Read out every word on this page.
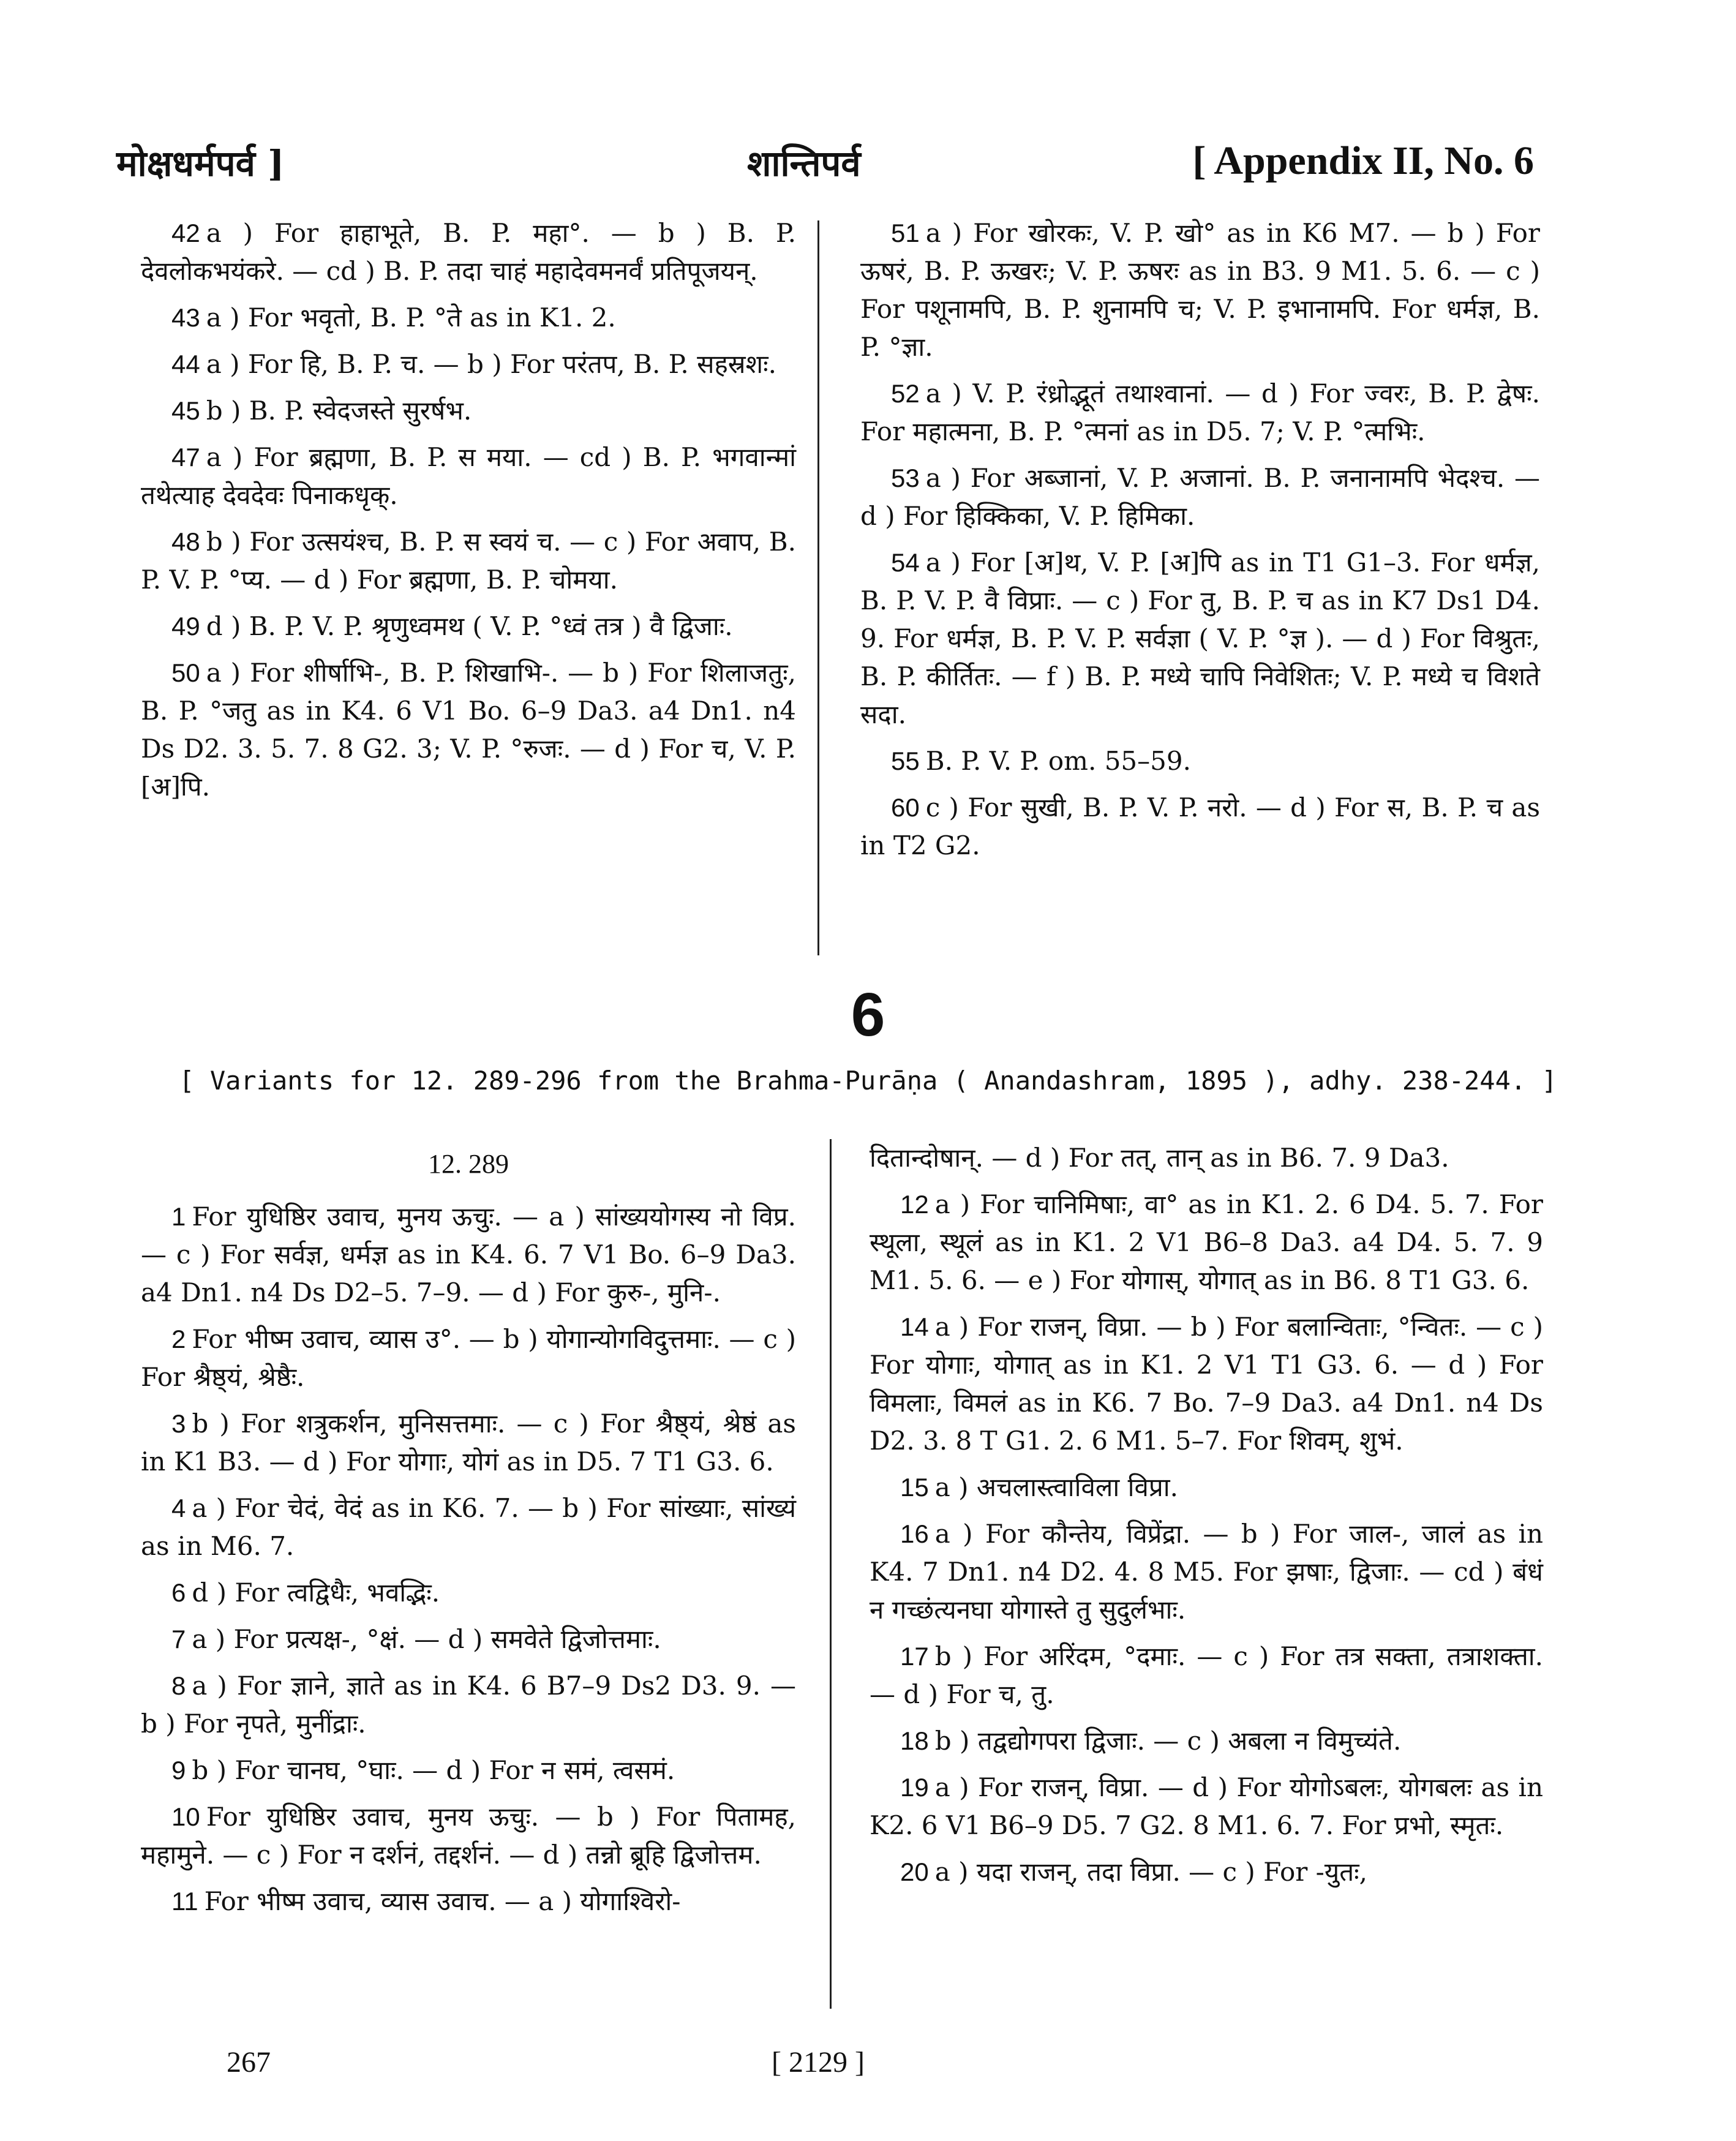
मोक्षधर्मपर्व ]	शान्तिपर्व	[ Appendix II, No. 6

42 a ) For हाहाभूते, B. P. महा°. — b ) B. P. देवलोकभयंकरे. — cd ) B. P. तदा चाहं महादेवमनर्वं प्रतिपूजयन्.

43 a ) For भवृतो, B. P. °ते as in K1. 2.

44 a ) For हि, B. P. च. — b ) For परंतप, B. P. सहस्रशः.

45 b ) B. P. स्वेदजस्ते सुरर्षभ.

47 a ) For ब्रह्मणा, B. P. स मया. — cd ) B. P. भगवान्मां तथेत्याह देवदेवः पिनाकधृक्.

48 b ) For उत्सयंश्च, B. P. स स्वयं च. — c ) For अवाप, B. P. V. P. °प्य. — d ) For ब्रह्मणा, B. P. चोमया.

49 d ) B. P. V. P. श्रृणुध्वमथ ( V. P. °ध्वं तत्र ) वै द्विजाः.

50 a ) For शीर्षाभि-, B. P. शिखाभि-. — b ) For शिलाजतुः, B. P. °जतु as in K4. 6 V1 Bo. 6–9 Da3. a4 Dn1. n4 Ds D2. 3. 5. 7. 8 G2. 3; V. P. °रुजः. — d ) For च, V. P. [अ]पि.

51 a ) For खोरकः, V. P. खो° as in K6 M7. — b ) For ऊषरं, B. P. ऊखरः; V. P. ऊषरः as in B3. 9 M1. 5. 6. — c ) For पशूनामपि, B. P. शुनामपि च; V. P. इभानामपि. For धर्मज्ञ, B. P. °ज्ञा.

52 a ) V. P. रंध्रोद्भूतं तथाश्वानां. — d ) For ज्वरः, B. P. द्वेषः. For महात्मना, B. P. °त्मनां as in D5. 7; V. P. °त्मभिः.

53 a ) For अब्जानां, V. P. अजानां. B. P. जनानामपि भेदश्च. — d ) For हिक्किका, V. P. हिमिका.

54 a ) For [अ]थ, V. P. [अ]पि as in T1 G1–3. For धर्मज्ञ, B. P. V. P. वै विप्राः. — c ) For तु, B. P. च as in K7 Ds1 D4. 9. For धर्मज्ञ, B. P. V. P. सर्वज्ञा ( V. P. °ज्ञ ). — d ) For विश्रुतः, B. P. कीर्तितः. — f ) B. P. मध्ये चापि निवेशितः; V. P. मध्ये च विशते सदा.

55 B. P. V. P. om. 55–59.

60 c ) For सुखी, B. P. V. P. नरो. — d ) For स, B. P. च as in T2 G2.

6
[ Variants for 12. 289-296 from the Brahma-Purāṇa ( Anandashram, 1895 ), adhy. 238-244. ]
12. 289

1 For युधिष्ठिर उवाच, मुनय ऊचुः. — a ) सांख्ययोगस्य नो विप्र. — c ) For सर्वज्ञ, धर्मज्ञ as in K4. 6. 7 V1 Bo. 6–9 Da3. a4 Dn1. n4 Ds D2–5. 7–9. — d ) For कुरु-, मुनि-.

2 For भीष्म उवाच, व्यास उ°. — b ) योगान्योगविदुत्तमाः. — c ) For श्रैष्ठ्यं, श्रेष्ठैः.

3 b ) For शत्रुकर्शन, मुनिसत्तमाः. — c ) For श्रैष्ठ्यं, श्रेष्ठं as in K1 B3. — d ) For योगाः, योगं as in D5. 7 T1 G3. 6.

4 a ) For चेदं, वेदं as in K6. 7. — b ) For सांख्याः, सांख्यं as in M6. 7.

6 d ) For त्वद्विधैः, भवद्भिः.

7 a ) For प्रत्यक्ष-, °क्षं. — d ) समवेते द्विजोत्तमाः.

8 a ) For ज्ञाने, ज्ञाते as in K4. 6 B7–9 Ds2 D3. 9. — b ) For नृपते, मुनींद्राः.

9 b ) For चानघ, °घाः. — d ) For न समं, त्वसमं.

10 For युधिष्ठिर उवाच, मुनय ऊचुः. — b ) For पितामह, महामुने. — c ) For न दर्शनं, तद्दर्शनं. — d ) तन्नो ब्रूहि द्विजोत्तम.

11 For भीष्म उवाच, व्यास उवाच. — a ) योगाश्विरो-

दितान्दोषान्. — d ) For तत्, तान् as in B6. 7. 9 Da3.

12 a ) For चानिमिषाः, वा° as in K1. 2. 6 D4. 5. 7. For स्थूला, स्थूलं as in K1. 2 V1 B6–8 Da3. a4 D4. 5. 7. 9 M1. 5. 6. — e ) For योगास्, योगात् as in B6. 8 T1 G3. 6.

14 a ) For राजन्, विप्रा. — b ) For बलान्विताः, °न्वितः. — c ) For योगाः, योगात् as in K1. 2 V1 T1 G3. 6. — d ) For विमलाः, विमलं as in K6. 7 Bo. 7–9 Da3. a4 Dn1. n4 Ds D2. 3. 8 T G1. 2. 6 M1. 5–7. For शिवम्, शुभं.

15 a ) अचलास्त्वाविला विप्रा.

16 a ) For कौन्तेय, विप्रेंद्रा. — b ) For जाल-, जालं as in K4. 7 Dn1. n4 D2. 4. 8 M5. For झषाः, द्विजाः. — cd ) बंधं न गच्छंत्यनघा योगास्ते तु सुदुर्लभाः.

17 b ) For अरिंदम, °दमाः. — c ) For तत्र सक्ता, तत्राशक्ता. — d ) For च, तु.

18 b ) तद्वद्योगपरा द्विजाः. — c ) अबला न विमुच्यंते.

19 a ) For राजन्, विप्रा. — d ) For योगोऽबलः, योगबलः as in K2. 6 V1 B6–9 D5. 7 G2. 8 M1. 6. 7. For प्रभो, स्मृतः.

20 a ) यदा राजन्, तदा विप्रा. — c ) For -युतः,

267	[ 2129 ]
